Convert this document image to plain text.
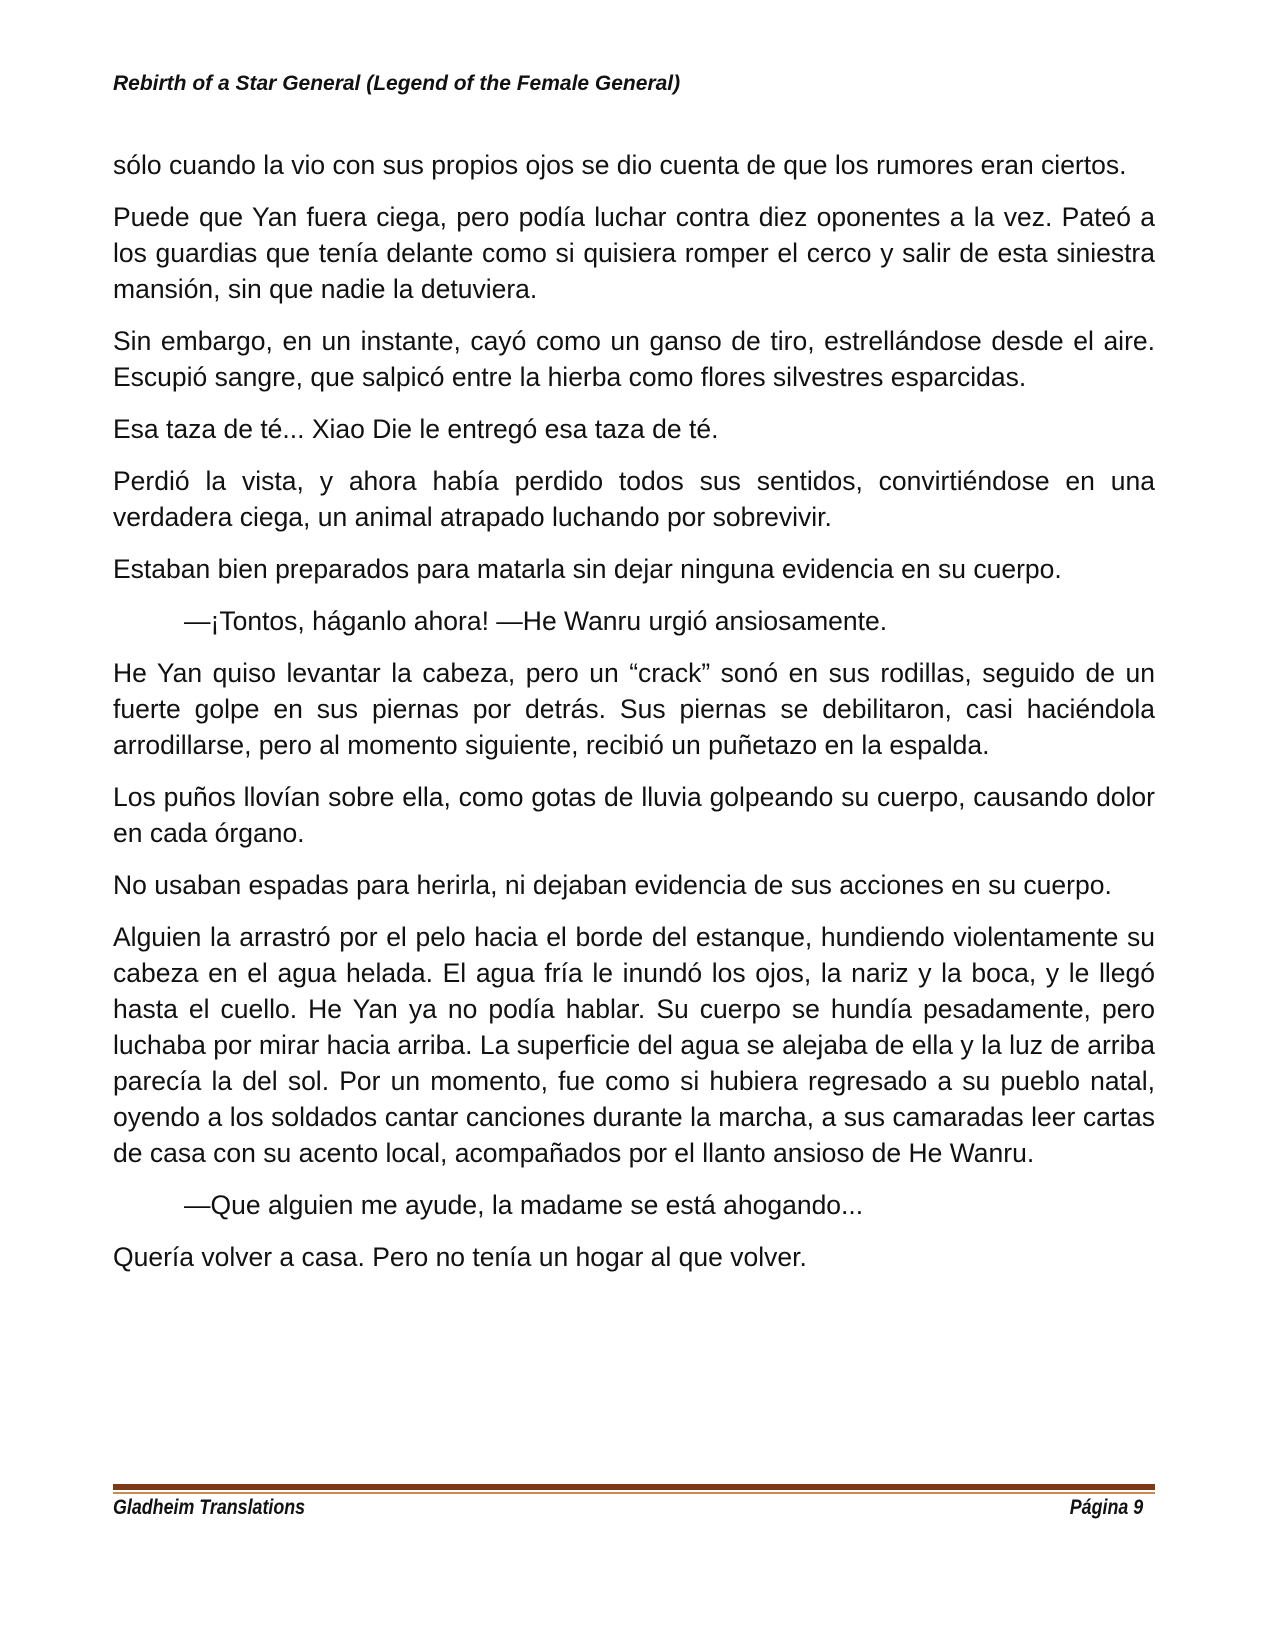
Rebirth of a Star General (Legend of the Female General)

sólo cuando la vio con sus propios ojos se dio cuenta de que los rumores eran ciertos.

Puede que Yan fuera ciega, pero podía luchar contra diez oponentes a la vez. Pateó a los guardias que tenía delante como si quisiera romper el cerco y salir de esta siniestra mansión, sin que nadie la detuviera.

Sin embargo, en un instante, cayó como un ganso de tiro, estrellándose desde el aire. Escupió sangre, que salpicó entre la hierba como flores silvestres esparcidas.

Esa taza de té... Xiao Die le entregó esa taza de té.

Perdió la vista, y ahora había perdido todos sus sentidos, convirtiéndose en una verdadera ciega, un animal atrapado luchando por sobrevivir.

Estaban bien preparados para matarla sin dejar ninguna evidencia en su cuerpo.

—¡Tontos, háganlo ahora! —He Wanru urgió ansiosamente.

He Yan quiso levantar la cabeza, pero un “crack” sonó en sus rodillas, seguido de un fuerte golpe en sus piernas por detrás. Sus piernas se debilitaron, casi haciéndola arrodillarse, pero al momento siguiente, recibió un puñetazo en la espalda.

Los puños llovían sobre ella, como gotas de lluvia golpeando su cuerpo, causando dolor en cada órgano.

No usaban espadas para herirla, ni dejaban evidencia de sus acciones en su cuerpo.

Alguien la arrastró por el pelo hacia el borde del estanque, hundiendo violentamente su cabeza en el agua helada. El agua fría le inundó los ojos, la nariz y la boca, y le llegó hasta el cuello. He Yan ya no podía hablar. Su cuerpo se hundía pesadamente, pero luchaba por mirar hacia arriba. La superficie del agua se alejaba de ella y la luz de arriba parecía la del sol. Por un momento, fue como si hubiera regresado a su pueblo natal, oyendo a los soldados cantar canciones durante la marcha, a sus camaradas leer cartas de casa con su acento local, acompañados por el llanto ansioso de He Wanru.

—Que alguien me ayude, la madame se está ahogando...

Quería volver a casa. Pero no tenía un hogar al que volver.

Gladheim Translations	Página 9
